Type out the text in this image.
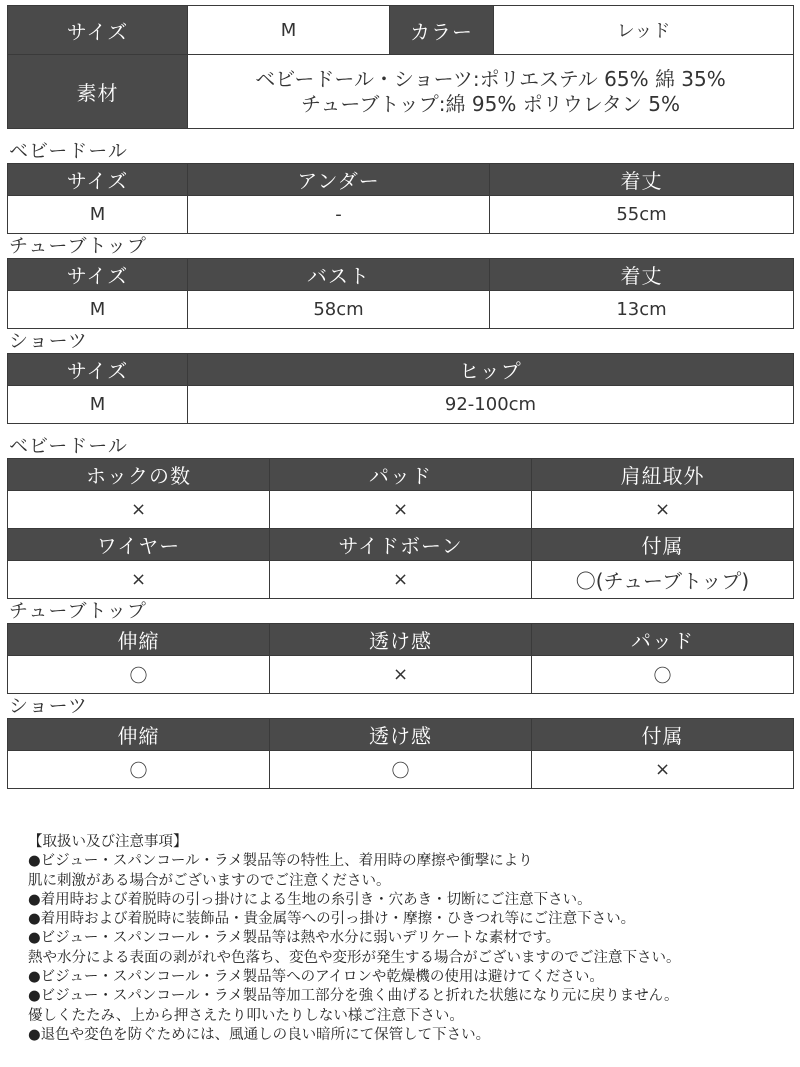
サイズ	M	カラー	レッド
素材	ベビードール・ショーツ:ポリエステル 65% 綿 35%
チューブトップ:綿 95% ポリウレタン 5%		
ベビードール
サイズ	アンダー	着丈
M	-	55cm
チューブトップ
サイズ	バスト	着丈
M	58cm	13cm
ショーツ
サイズ	ヒップ
M	92-100cm
ベビードール
ホックの数	パッド	肩紐取外
×	×	×
ワイヤー	サイドボーン	付属
×	×	〇(チューブトップ)
チューブトップ
伸縮	透け感	パッド
〇	×	〇
ショーツ
伸縮	透け感	付属
〇	〇	×
【取扱い及び注意事項】
●ビジュー・スパンコール・ラメ製品等の特性上、着用時の摩擦や衝撃により
肌に刺激がある場合がございますのでご注意ください。
●着用時および着脱時の引っ掛けによる生地の糸引き・穴あき・切断にご注意下さい。
●着用時および着脱時に装飾品・貴金属等への引っ掛け・摩擦・ひきつれ等にご注意下さい。
●ビジュー・スパンコール・ラメ製品等は熱や水分に弱いデリケートな素材です。
熱や水分による表面の剥がれや色落ち、変色や変形が発生する場合がございますのでご注意下さい。
●ビジュー・スパンコール・ラメ製品等へのアイロンや乾燥機の使用は避けてください。
●ビジュー・スパンコール・ラメ製品等加工部分を強く曲げると折れた状態になり元に戻りません。
優しくたたみ、上から押さえたり叩いたりしない様ご注意下さい。
●退色や変色を防ぐためには、風通しの良い暗所にて保管して下さい。
